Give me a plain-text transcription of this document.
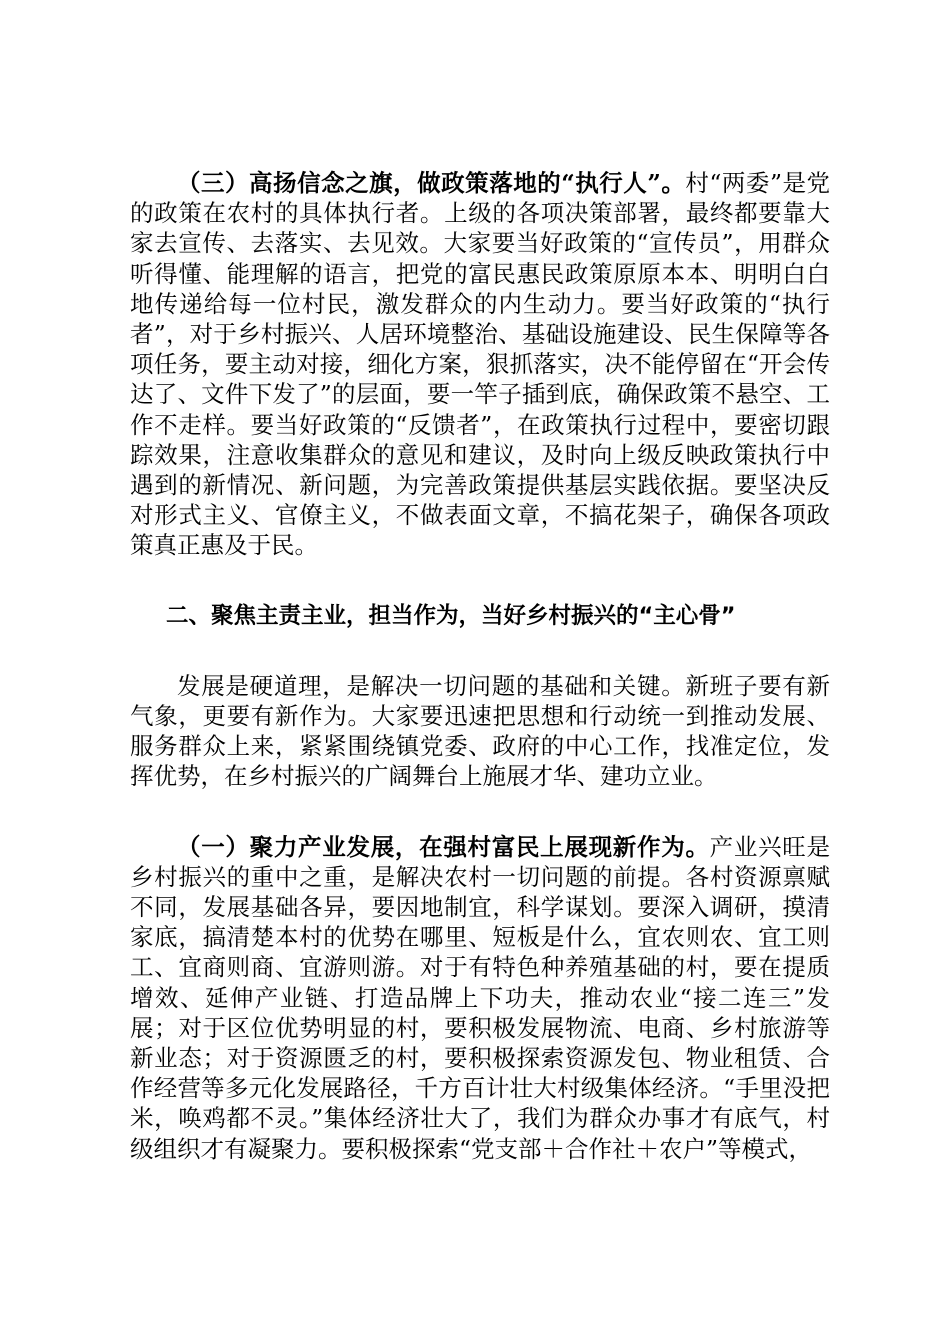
（三）高扬信念之旗，做政策落地的“执行人”。村“两委”是党的政策在农村的具体执行者。上级的各项决策部署，最终都要靠大家去宣传、去落实、去见效。大家要当好政策的“宣传员”，用群众听得懂、能理解的语言，把党的富民惠民政策原原本本、明明白白地传递给每一位村民，激发群众的内生动力。要当好政策的“执行者”，对于乡村振兴、人居环境整治、基础设施建设、民生保障等各项任务，要主动对接，细化方案，狠抓落实，决不能停留在“开会传达了、文件下发了”的层面，要一竿子插到底，确保政策不悬空、工作不走样。要当好政策的“反馈者”，在政策执行过程中，要密切跟踪效果，注意收集群众的意见和建议，及时向上级反映政策执行中遇到的新情况、新问题，为完善政策提供基层实践依据。要坚决反对形式主义、官僚主义，不做表面文章，不搞花架子，确保各项政策真正惠及于民。

二、聚焦主责主业，担当作为，当好乡村振兴的“主心骨”

发展是硬道理，是解决一切问题的基础和关键。新班子要有新气象，更要有新作为。大家要迅速把思想和行动统一到推动发展、服务群众上来，紧紧围绕镇党委、政府的中心工作，找准定位，发挥优势，在乡村振兴的广阔舞台上施展才华、建功立业。

（一）聚力产业发展，在强村富民上展现新作为。产业兴旺是乡村振兴的重中之重，是解决农村一切问题的前提。各村资源禀赋不同，发展基础各异，要因地制宜，科学谋划。要深入调研，摸清家底，搞清楚本村的优势在哪里、短板是什么，宜农则农、宜工则工、宜商则商、宜游则游。对于有特色种养殖基础的村，要在提质增效、延伸产业链、打造品牌上下功夫，推动农业“接二连三”发展；对于区位优势明显的村，要积极发展物流、电商、乡村旅游等新业态；对于资源匮乏的村，要积极探索资源发包、物业租赁、合作经营等多元化发展路径，千方百计壮大村级集体经济。“手里没把米，唤鸡都不灵。”集体经济壮大了，我们为群众办事才有底气，村级组织才有凝聚力。要积极探索“党支部＋合作社＋农户”等模式，
